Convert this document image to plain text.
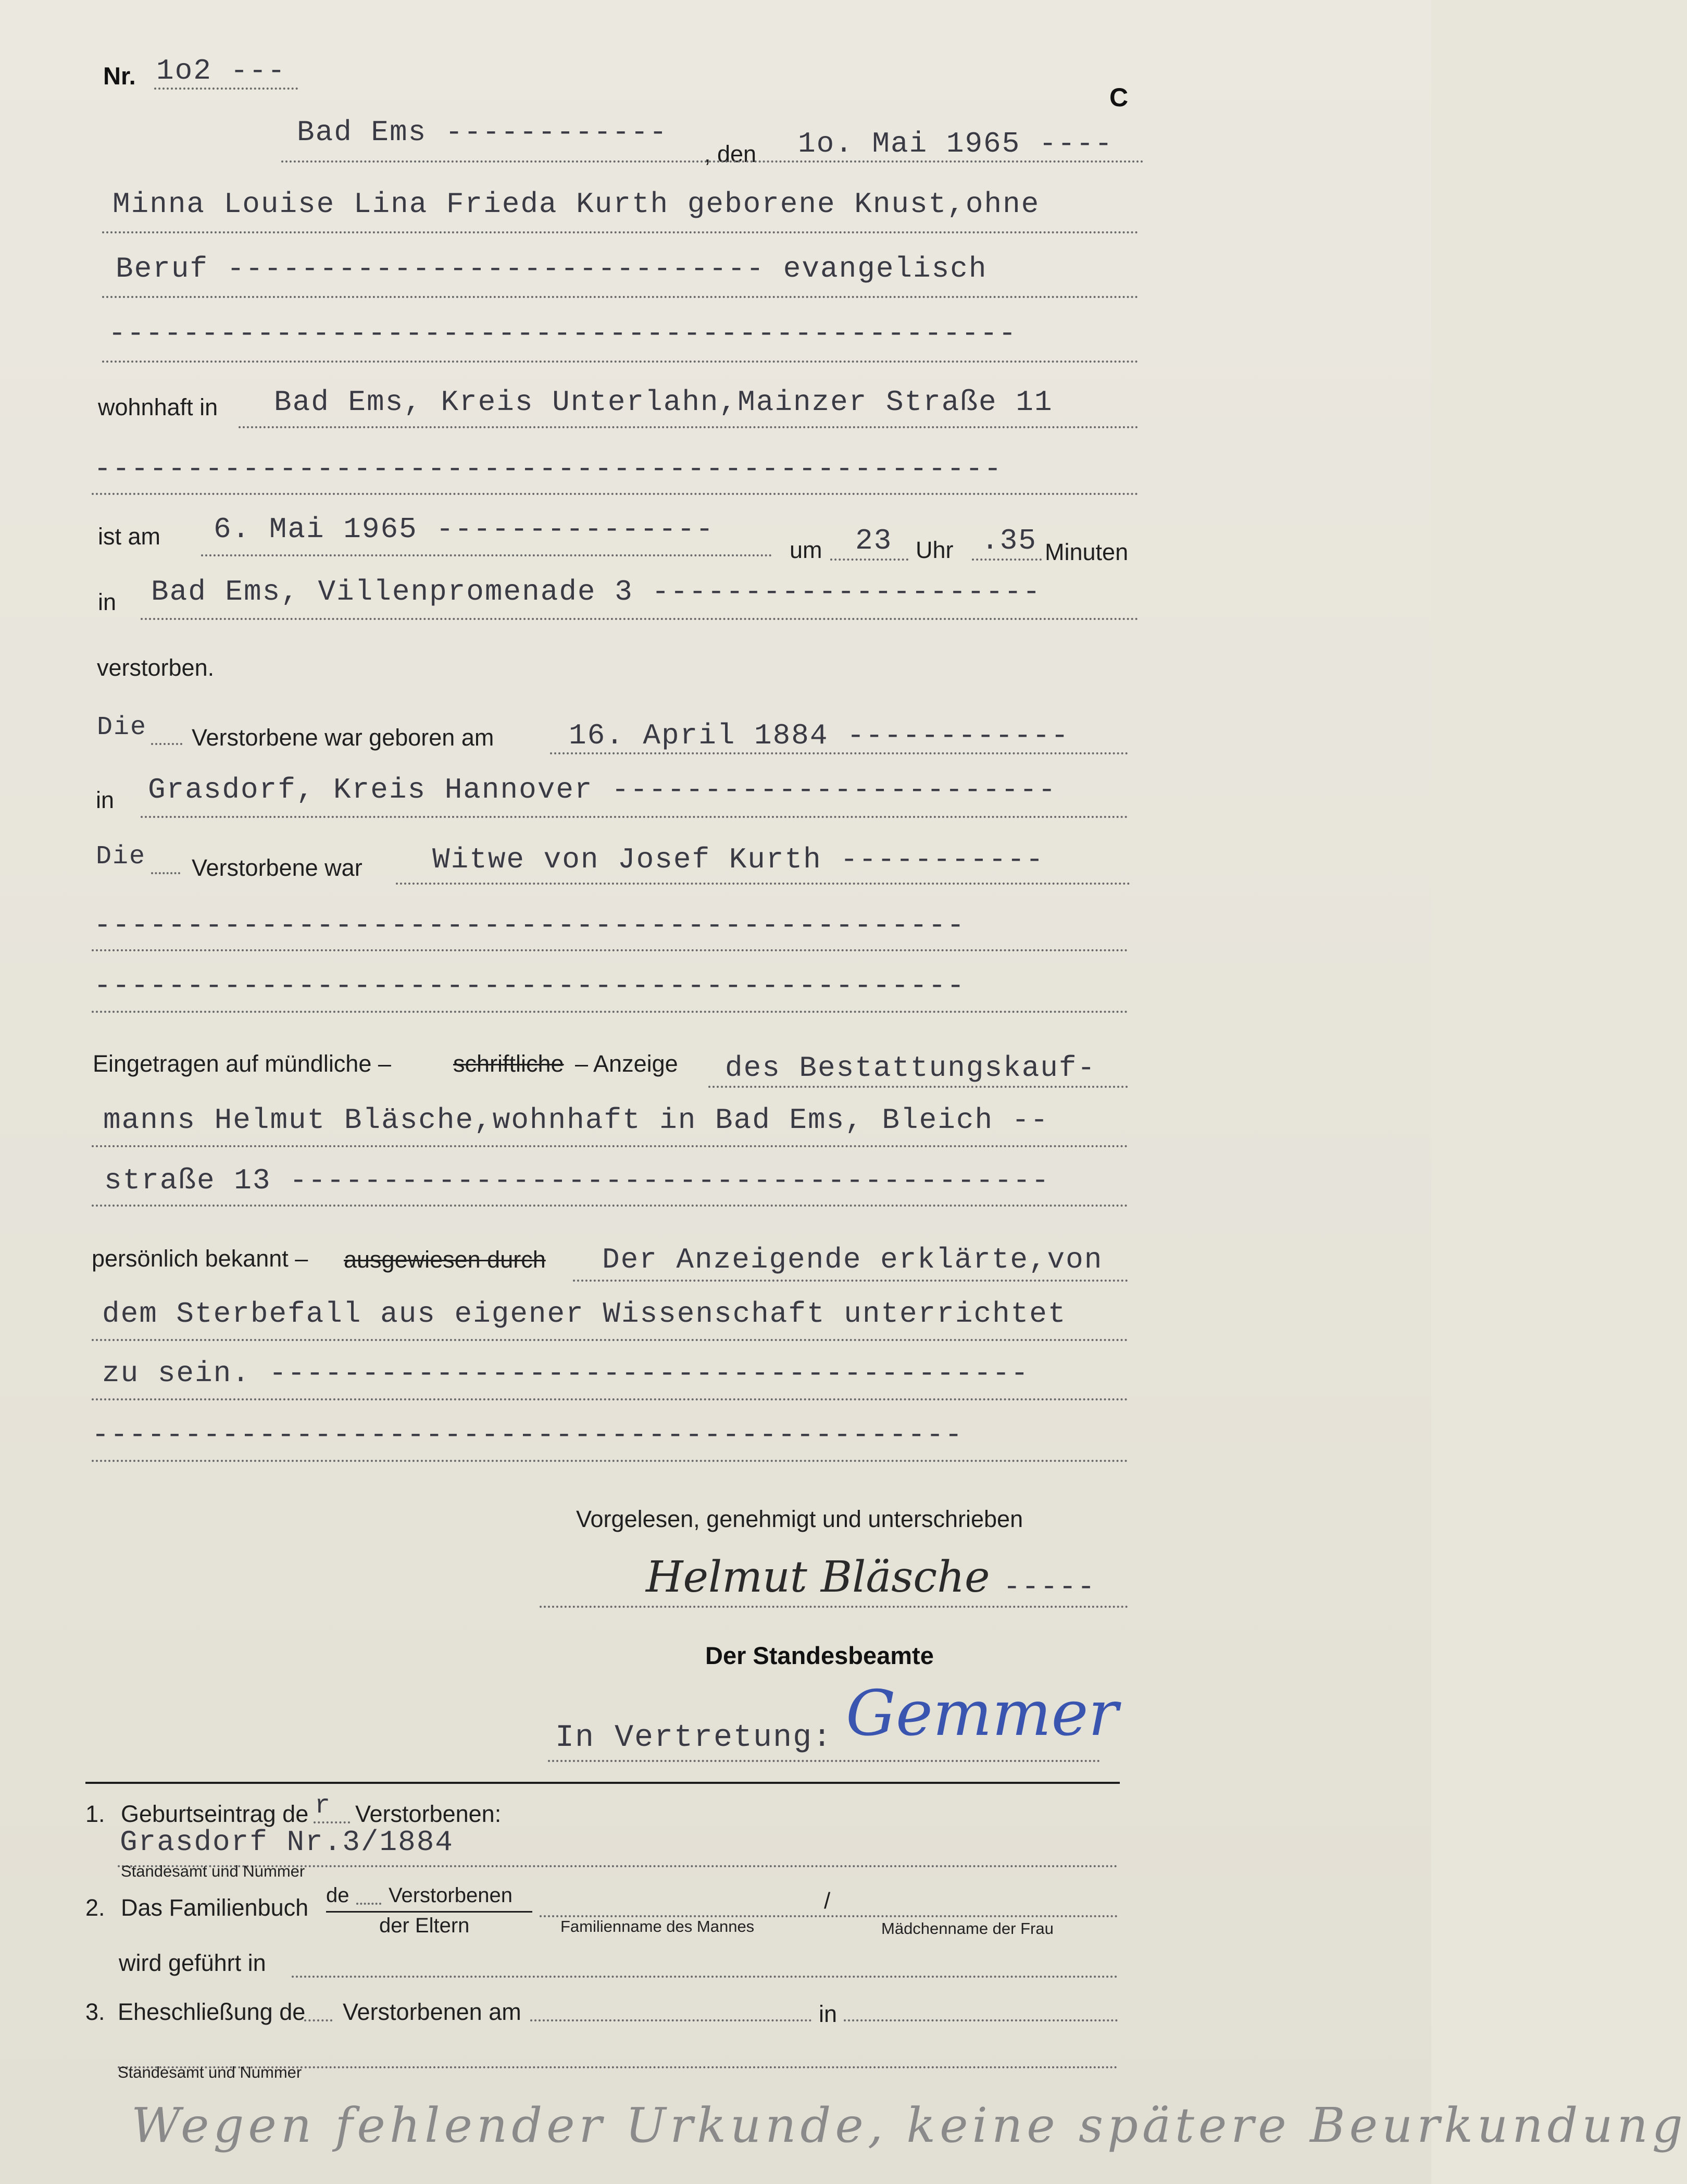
Nr. 1o2 ---
C
Bad Ems ------------
, den 1o. Mai 1965 ----
Minna Louise Lina Frieda Kurth geborene Knust,ohne
Beruf ----------------------------- evangelisch
-------------------------------------------------
wohnhaft in Bad Ems, Kreis Unterlahn,Mainzer Straße 11
-------------------------------------------------
ist am 6. Mai 1965 ---------------
um 23 Uhr .35 Minuten
in Bad Ems, Villenpromenade 3 ---------------------
verstorben.
Die Verstorbene war geboren am	16. April 1884 ------------
in Grasdorf, Kreis Hannover ------------------------
Die Verstorbene war Witwe von Josef Kurth -----------
-----------------------------------------------
-----------------------------------------------
Eingetragen auf mündliche –	schriftliche – Anzeige des Bestattungskauf-
manns Helmut Bläsche,wohnhaft in Bad Ems, Bleich --
straße 13 -----------------------------------------
persönlich bekannt – ausgewiesen durch Der Anzeigende erklärte,von
dem Sterbefall aus eigener Wissenschaft unterrichtet
zu sein. -----------------------------------------
-----------------------------------------------
Vorgelesen, genehmigt und unterschrieben
Helmut Bläsche -----
Der Standesbeamte
In Vertretung: Gemmer
1. Geburtseintrag de r Verstorbenen:
Grasdorf Nr.3/1884
Standesamt und Nummer
2. Das Familienbuch de Verstorbenen
der Eltern	Familienname des Mannes
/
Mädchenname der Frau
wird geführt in
3. Eheschließung de Verstorbenen am	in
Standesamt und Nummer
Wegen fehlender Urkunde, keine spätere Beurkundung
